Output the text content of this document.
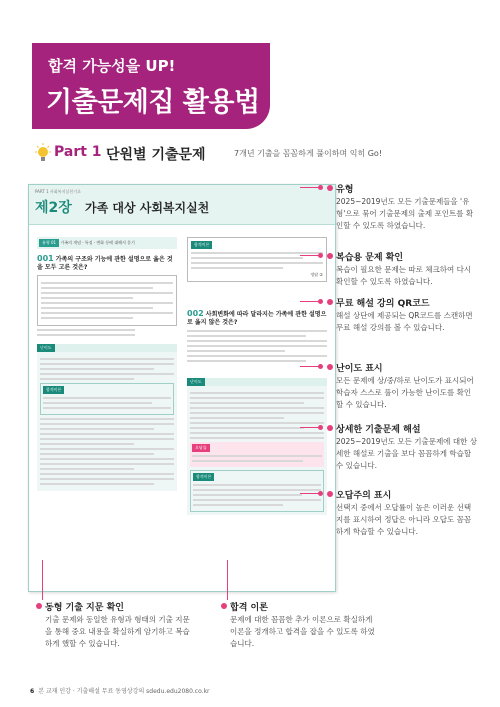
합격 가능성을 UP!
기출문제집 활용법
Part 1 단원별 기출문제	7개년 기출을 꼼꼼하게 풀이하며 익히 Go!
PART 1 사회복지실천기초
제2장 가족 대상 사회복지실천
유형 01 가족의 개념 · 특징 · 변화 등에 대해서 묻기
001 가족의 구조와 기능에 관한 설명으로 옳은 것을 모두 고른 것은?
난이도
합격이론
합격이론
정답 ②
002 사회변화에 따라 달라지는 가족에 관한 설명으로 옳지 않은 것은?
난이도
오답률
합격이론
유형
2025~2019년도 모든 기출문제들을 '유형'으로 묶어 기출문제의 출제 포인트를 확인할 수 있도록 하였습니다.
복습용 문제 확인
복습이 필요한 문제는 따로 체크하여 다시 확인할 수 있도록 하였습니다.
무료 해설 강의 QR코드
해설 상단에 제공되는 QR코드를 스캔하면 무료 해설 강의를 볼 수 있습니다.
난이도 표시
모든 문제에 상/중/하로 난이도가 표시되어 학습자 스스로 풀이 가능한 난이도를 확인할 수 있습니다.
상세한 기출문제 해설
2025~2019년도 모든 기출문제에 대한 상세한 해설로 기출을 보다 꼼꼼하게 학습할 수 있습니다.
오답주의 표시
선택지 중에서 오답률이 높은 이러운 선택지를 표시하여 정답은 아니라 오답도 꼼꼼하게 학습할 수 있습니다.
동형 기출 지문 확인
기출 문제와 동일한 유형과 형태의 기출 지문을 통해 중요 내용을 확실하게 암기하고 복습하게 했할 수 있습니다.
합격 이론
문제에 대한 꼼꼼한 추가 이론으로 확실하게 이론을 정개하고 합격을 잡을 수 있도록 하였습니다.
6 본 교재 인강 · 기출해설 무료 동영상강의 sdedu.edu2080.co.kr
